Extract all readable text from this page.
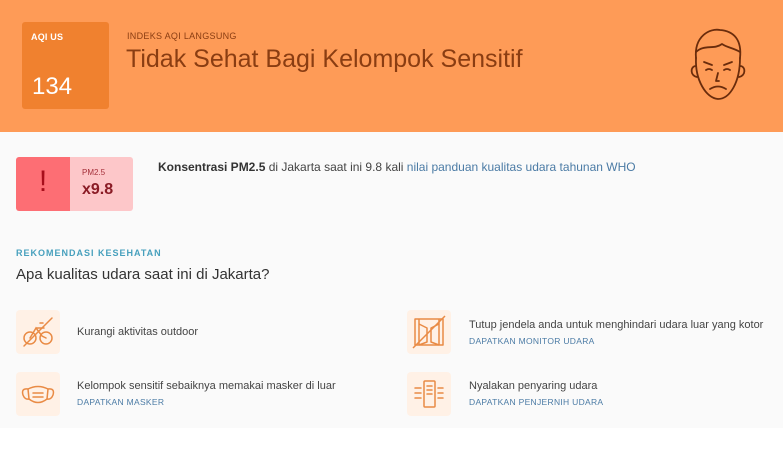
AQI US
134
INDEKS AQI LANGSUNG
Tidak Sehat Bagi Kelompok Sensitif
!	PM2.5
x9.8
Konsentrasi PM2.5 di Jakarta saat ini 9.8 kali nilai panduan kualitas udara tahunan WHO
REKOMENDASI KESEHATAN
Apa kualitas udara saat ini di Jakarta?
Kurangi aktivitas outdoor
Tutup jendela anda untuk menghindari udara luar yang kotor
DAPATKAN MONITOR UDARA
Kelompok sensitif sebaiknya memakai masker di luar
DAPATKAN MASKER
Nyalakan penyaring udara
DAPATKAN PENJERNIH UDARA
